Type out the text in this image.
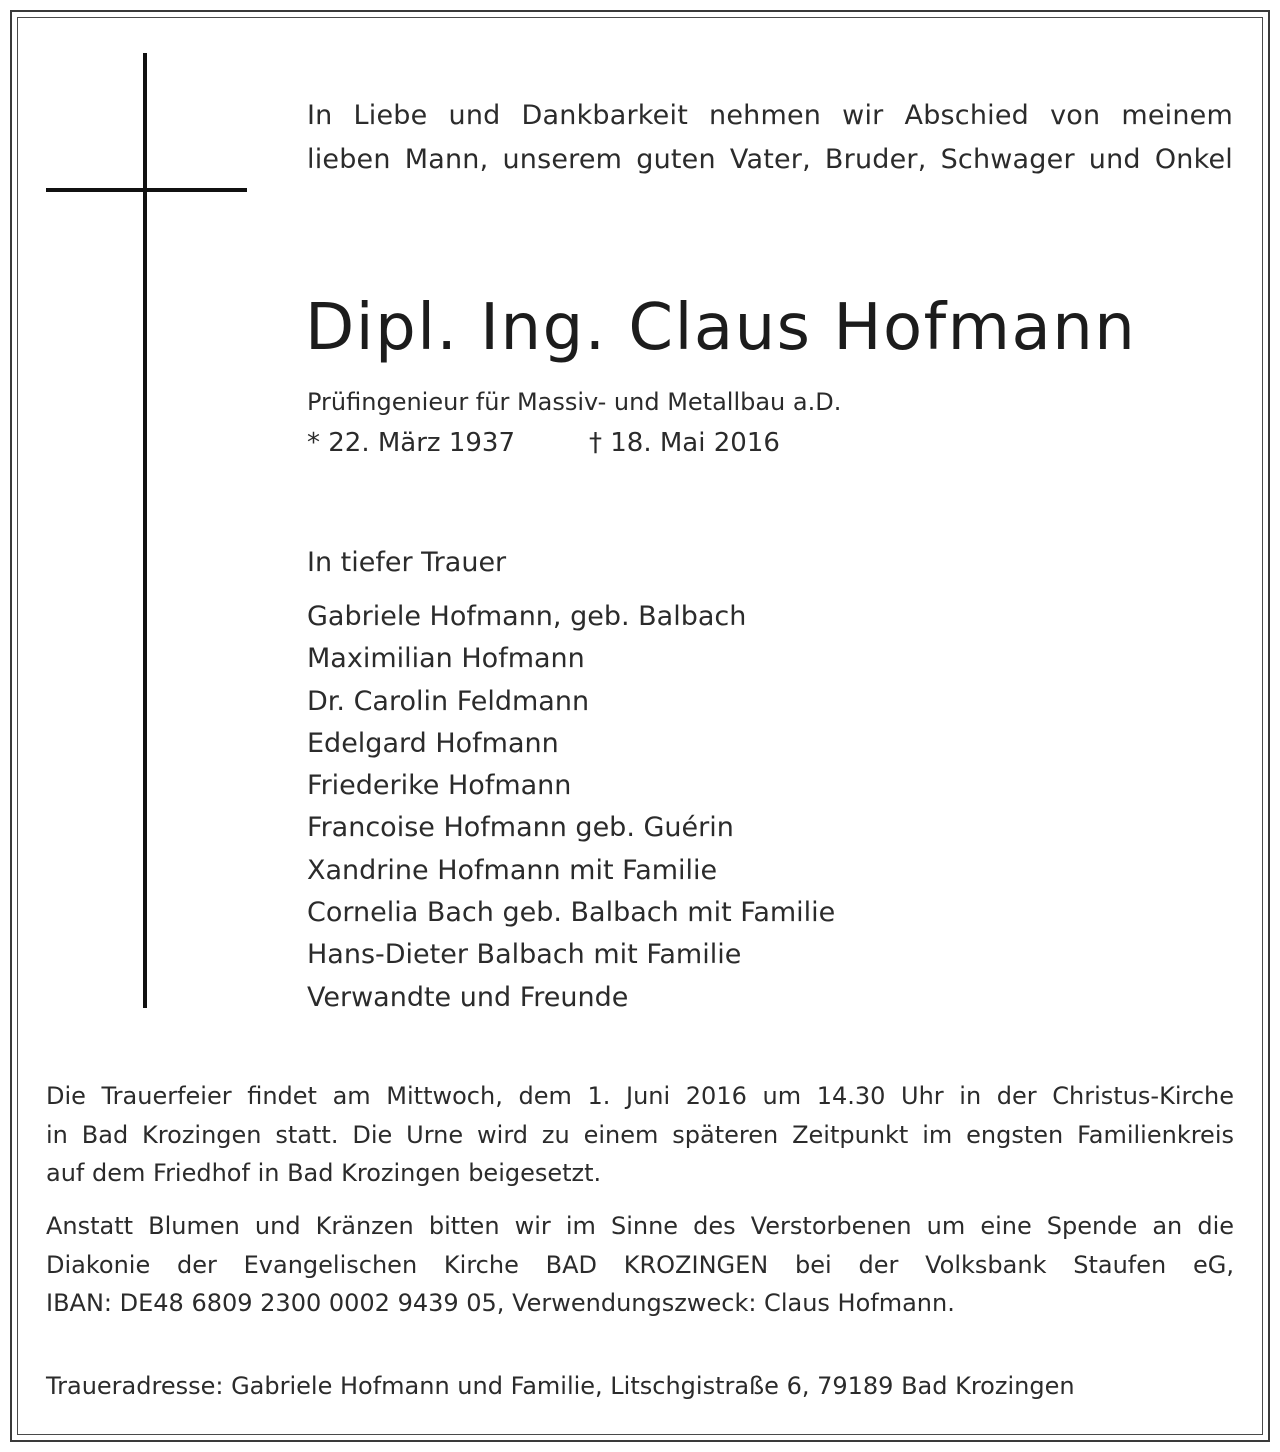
In Liebe und Dankbarkeit nehmen wir Abschied von meinem
lieben Mann, unserem guten Vater, Bruder, Schwager und Onkel
Dipl. Ing. Claus Hofmann
Prüfingenieur für Massiv- und Metallbau a.D.
* 22. März 1937	† 18. Mai 2016
In tiefer Trauer
Gabriele Hofmann, geb. Balbach
Maximilian Hofmann
Dr. Carolin Feldmann
Edelgard Hofmann
Friederike Hofmann
Francoise Hofmann geb. Guérin
Xandrine Hofmann mit Familie
Cornelia Bach geb. Balbach mit Familie
Hans-Dieter Balbach mit Familie
Verwandte und Freunde
Die Trauerfeier findet am Mittwoch, dem 1. Juni 2016 um 14.30 Uhr in der Christus-Kirche
in Bad Krozingen statt. Die Urne wird zu einem späteren Zeitpunkt im engsten Familienkreis
auf dem Friedhof in Bad Krozingen beigesetzt.
Anstatt Blumen und Kränzen bitten wir im Sinne des Verstorbenen um eine Spende an die
Diakonie der Evangelischen Kirche BAD KROZINGEN bei der Volksbank Staufen eG,
IBAN: DE48 6809 2300 0002 9439 05, Verwendungszweck: Claus Hofmann.
Traueradresse: Gabriele Hofmann und Familie, Litschgistraße 6, 79189 Bad Krozingen
